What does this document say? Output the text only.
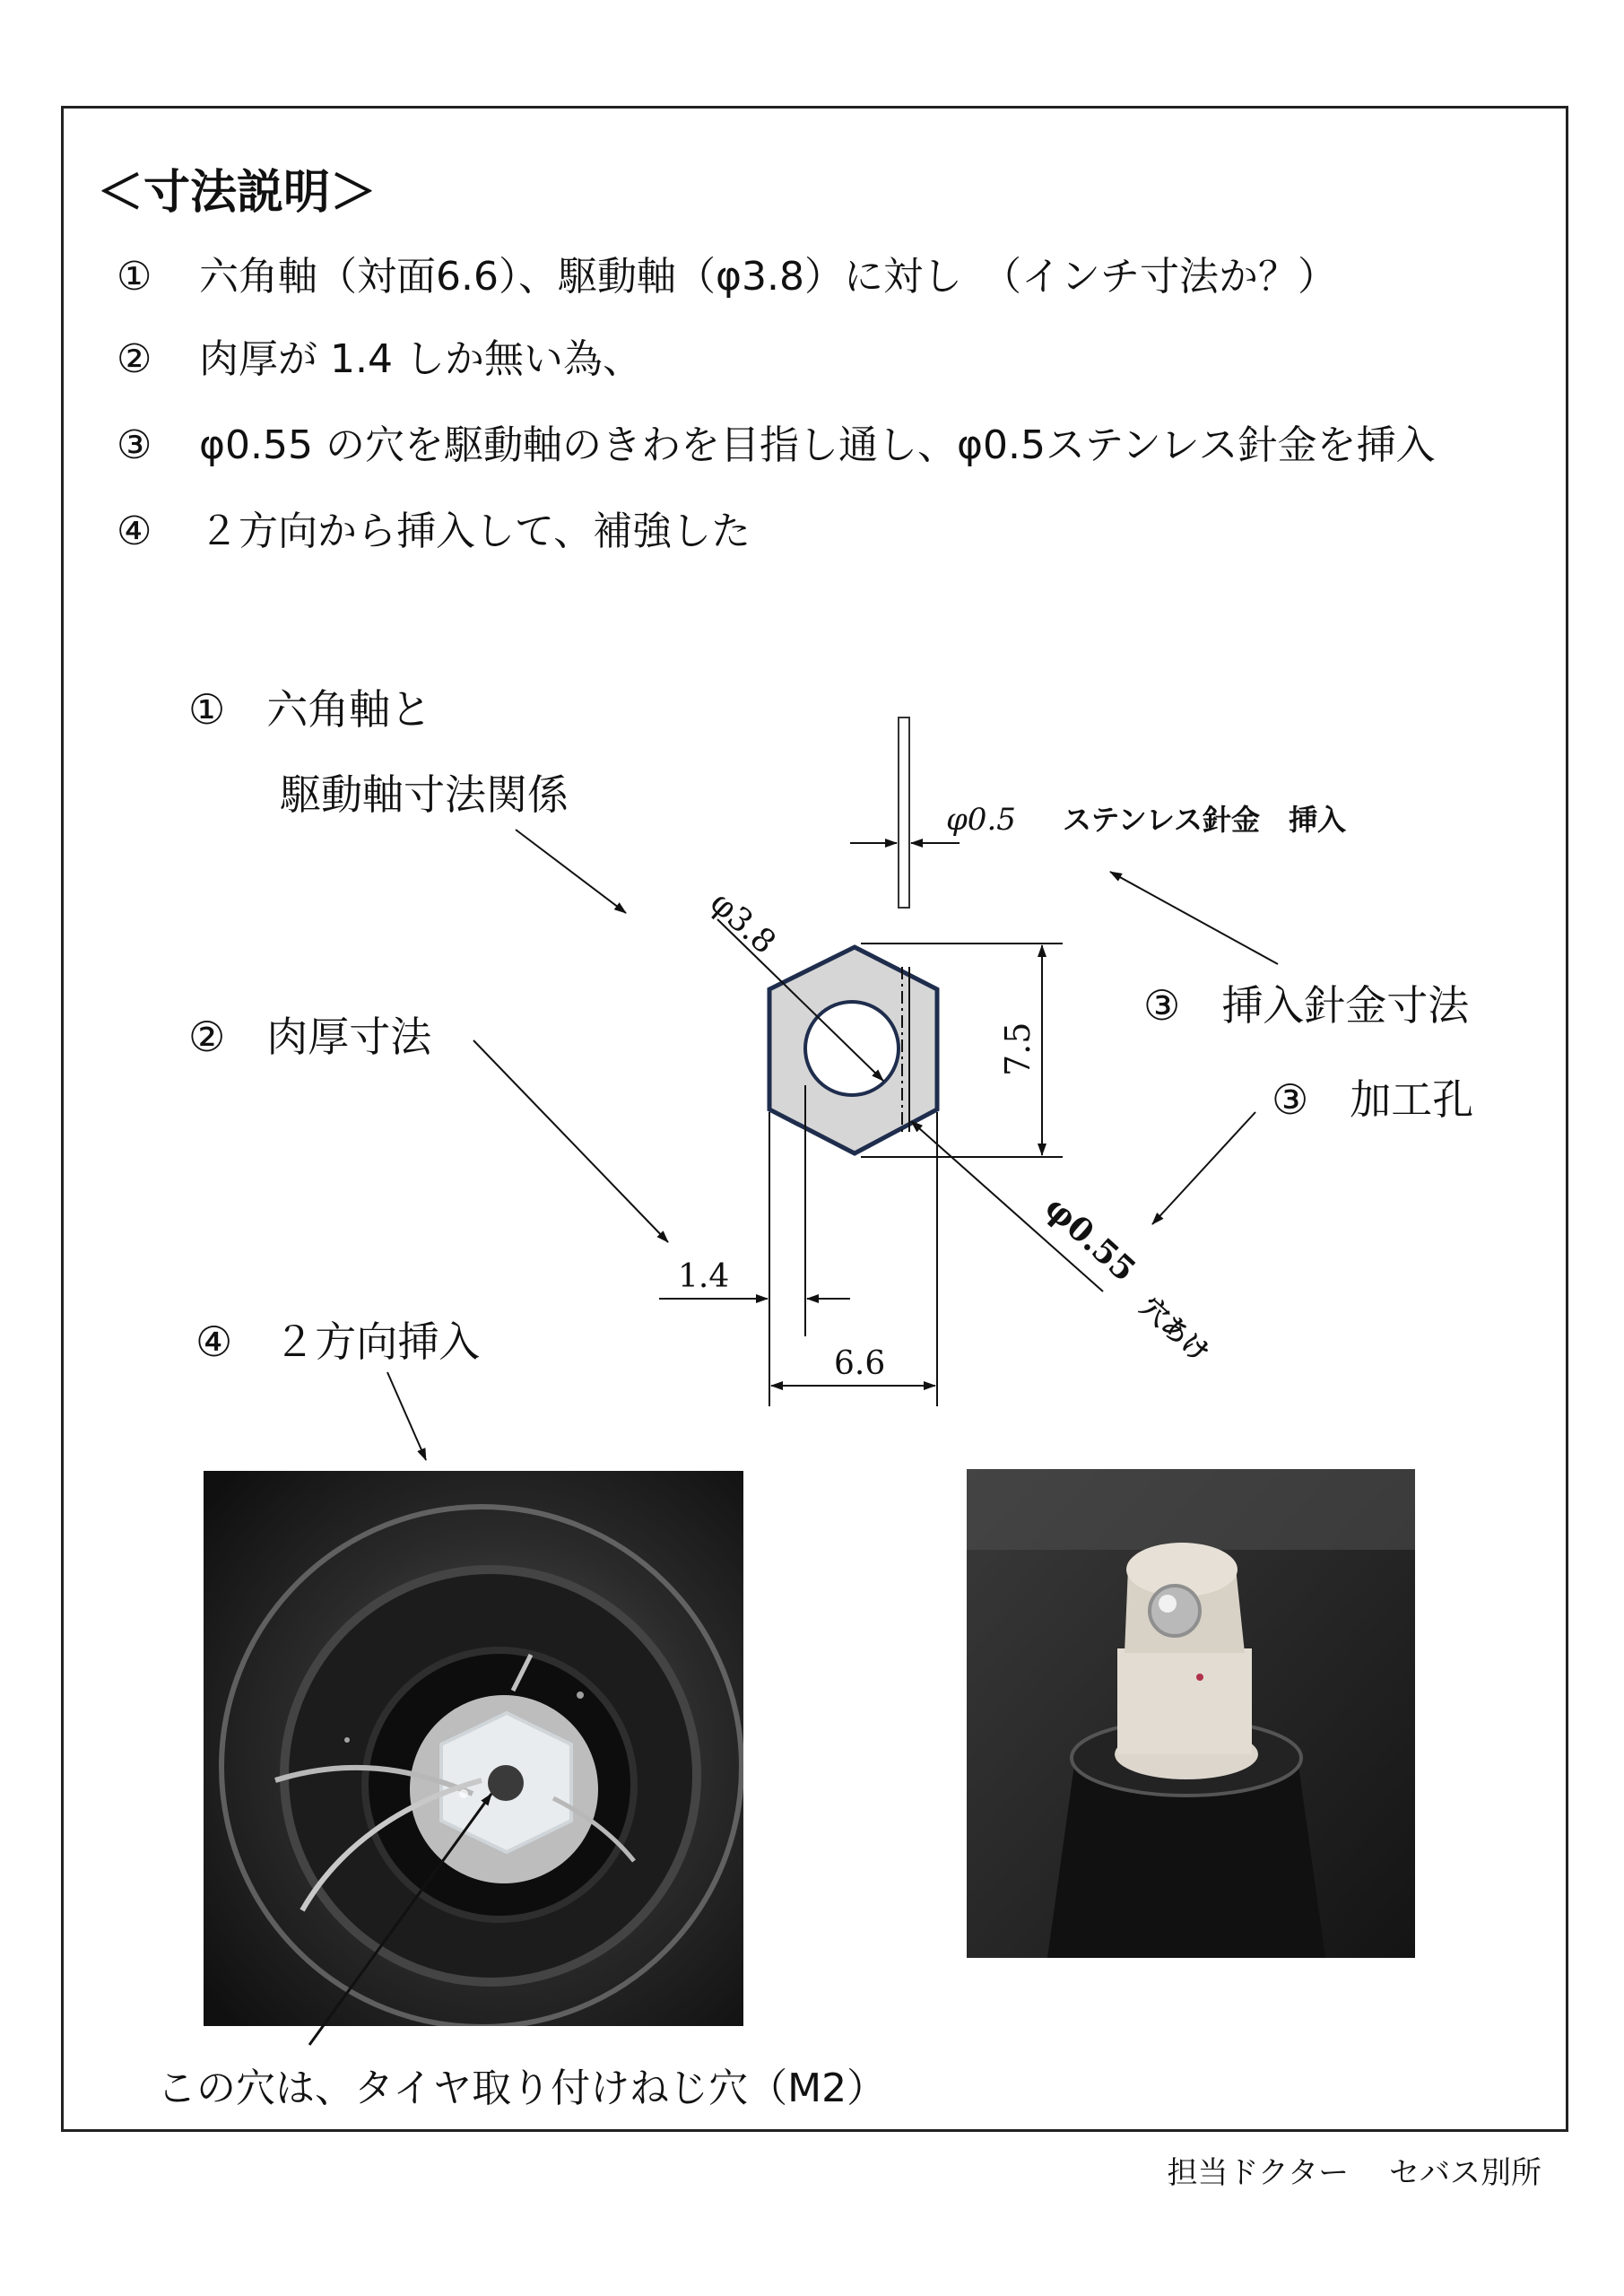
＜寸法説明＞
① 六角軸（対面6.6）、駆動軸（φ3.8）に対し　（インチ寸法か？）
② 肉厚が 1.4 しか無い為、
③ φ0.55 の穴を駆動軸のきわを目指し通し、φ0.5ステンレス針金を挿入
④ ２方向から挿入して、補強した
①　六角軸と
駆動軸寸法関係
②　肉厚寸法
③　挿入針金寸法
③　加工孔
④　２方向挿入
φ0.5 ステンレス針金　挿入
φ3.8
7.5
1.4
6.6
φ0.55
穴あけ
この穴は、タイヤ取り付けねじ穴（M2）
担当ドクター　 セバス別所
